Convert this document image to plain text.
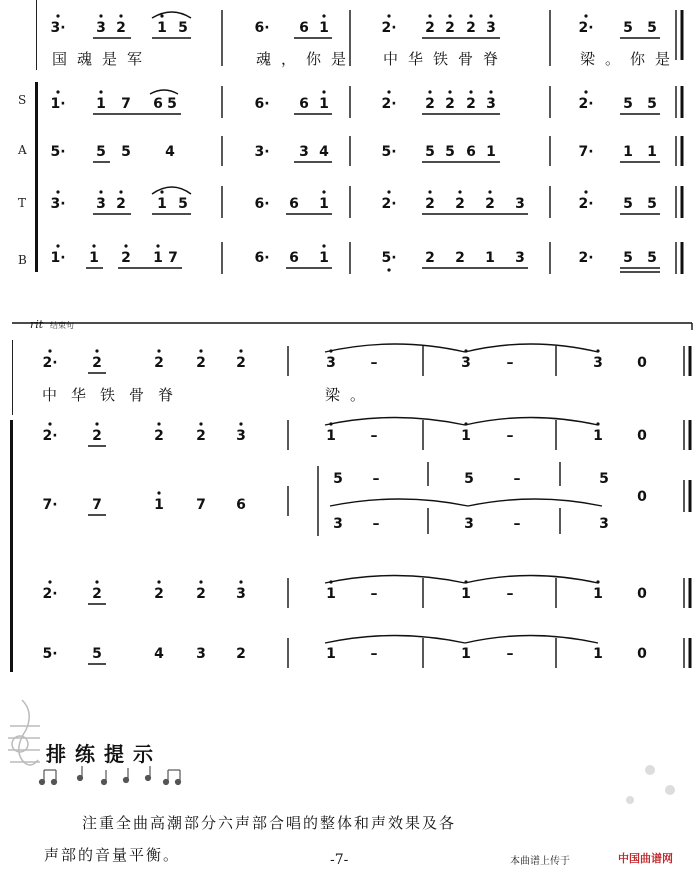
S
A
T
B
3· 3 2 1 5	6· 6 1	2· 2 2 2 3	2· 5 5
国魂是军	魂，你是 中华铁骨脊	梁。你是
1· 1 7 6 5	6· 6 1	2· 2 2 2 3	2· 5 5
5· 5 5 4	3· 3 4	5· 5 5 6 1	7· 1 1
3· 3 2 1 5	6· 6 1	2· 2 2 2 3	2· 5 5
1· 1 2 1 7	6· 6 1	5· 2 2 1 3	2· 5 5
rit 结束句
2· 2	2 2 2	3 –	3	–	3 0
中华铁骨脊	梁。
2· 2	2 2 3	1 –	1	–	1 0
7· 7	1 7 6
5 –	5	–	5
3 –	3	–	3
0
2· 2	2 2 3	1 –	1	–	1 0
5· 5	4 3 2	1 –	1	–	1 0
排练提示
注重全曲高潮部分六声部合唱的整体和声效果及各
声部的音量平衡。	-7-	本曲谱上传于	中国曲谱网
